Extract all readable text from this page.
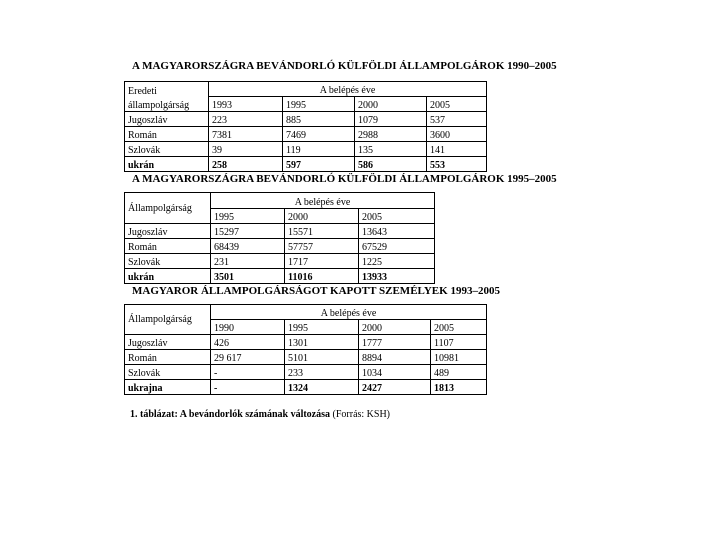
A MAGYARORSZÁGRA BEVÁNDORLÓ KÜLFÖLDI ÁLLAMPOLGÁROK 1990–2005
Eredeti	A belépés éve			
állampolgárság	1993	1995	2000	2005
Jugoszláv	223	885	1079	537
Román	7381	7469	2988	3600
Szlovák	39	119	135	141
ukrán	258	597	586	553
A MAGYARORSZÁGRA BEVÁNDORLÓ KÜLFÖLDI ÁLLAMPOLGÁROK 1995–2005
Állampolgárság	A belépés éve		
	1995	2000	2005
Jugoszláv	15297	15571	13643
Román	68439	57757	67529
Szlovák	231	1717	1225
ukrán	3501	11016	13933
MAGYAROR ÁLLAMPOLGÁRSÁGOT KAPOTT SZEMÉLYEK 1993–2005
Állampolgárság	A belépés éve			
	1990	1995	2000	2005
Jugoszláv	426	1301	1777	1107
Román	29 617	5101	8894	10981
Szlovák	-	233	1034	489
ukrajna	-	1324	2427	1813
1. táblázat: A bevándorlók számának változása (Forrás: KSH)
